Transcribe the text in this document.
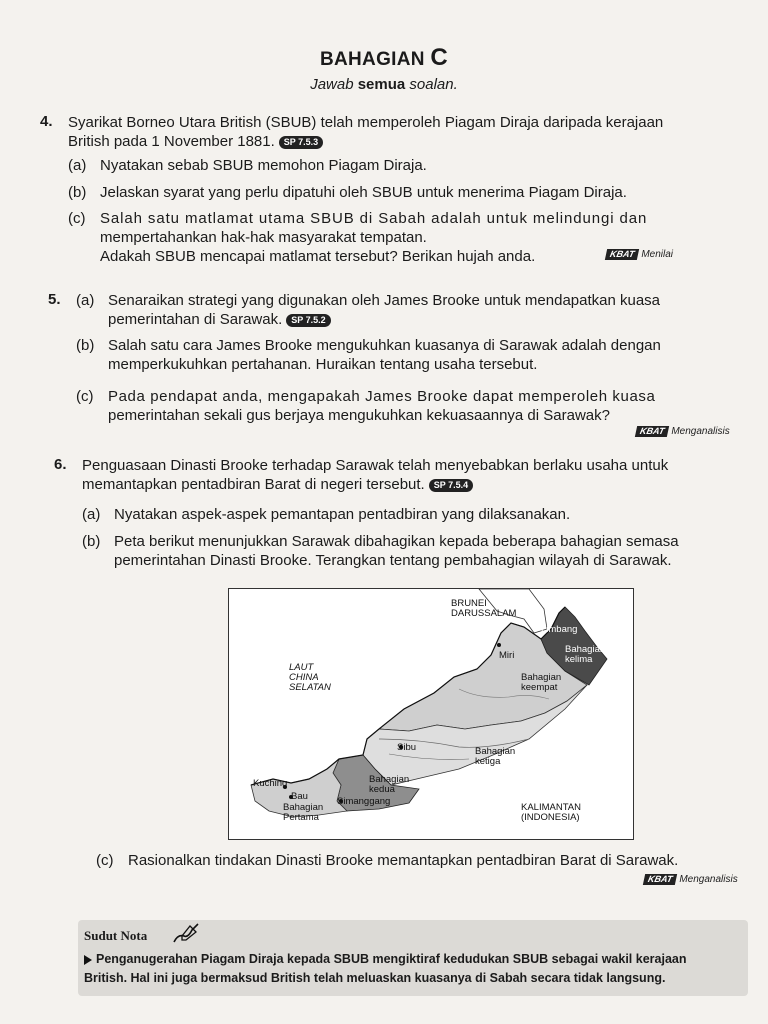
BAHAGIAN C
Jawab semua soalan.
4. Syarikat Borneo Utara British (SBUB) telah memperoleh Piagam Diraja daripada kerajaan
British pada 1 November 1881. SP 7.5.3
(a) Nyatakan sebab SBUB memohon Piagam Diraja.
(b) Jelaskan syarat yang perlu dipatuhi oleh SBUB untuk menerima Piagam Diraja.
(c) Salah satu matlamat utama SBUB di Sabah adalah untuk melindungi dan
mempertahankan hak-hak masyarakat tempatan.
Adakah SBUB mencapai matlamat tersebut? Berikan hujah anda.	KBAT Menilai
5. (a) Senaraikan strategi yang digunakan oleh James Brooke untuk mendapatkan kuasa
pemerintahan di Sarawak. SP 7.5.2
(b) Salah satu cara James Brooke mengukuhkan kuasanya di Sarawak adalah dengan
memperkukuhkan pertahanan. Huraikan tentang usaha tersebut.
(c) Pada pendapat anda, mengapakah James Brooke dapat memperoleh kuasa
pemerintahan sekali gus berjaya mengukuhkan kekuasaannya di Sarawak?
KBAT Menganalisis
6. Penguasaan Dinasti Brooke terhadap Sarawak telah menyebabkan berlaku usaha untuk
memantapkan pentadbiran Barat di negeri tersebut. SP 7.5.4
(a) Nyatakan aspek-aspek pemantapan pentadbiran yang dilaksanakan.
(b) Peta berikut menunjukkan Sarawak dibahagikan kepada beberapa bahagian semasa
pemerintahan Dinasti Brooke. Terangkan tentang pembahagian wilayah di Sarawak.
BRUNEI
DARUSSALAM
LAUT
CHINA
SELATAN
KALIMANTAN
(INDONESIA)
Limbang
Bahagian
kelima
Miri
Bahagian
keempat
Sibu	Bahagian
ketiga
Bahagian
kedua
Kuching
Bau
Bahagian
Pertama
Simanggang
(c) Rasionalkan tindakan Dinasti Brooke memantapkan pentadbiran Barat di Sarawak.
KBAT Menganalisis
Sudut Nota
Penganugerahan Piagam Diraja kepada SBUB mengiktiraf kedudukan SBUB sebagai wakil kerajaan
British. Hal ini juga bermaksud British telah meluaskan kuasanya di Sabah secara tidak langsung.
